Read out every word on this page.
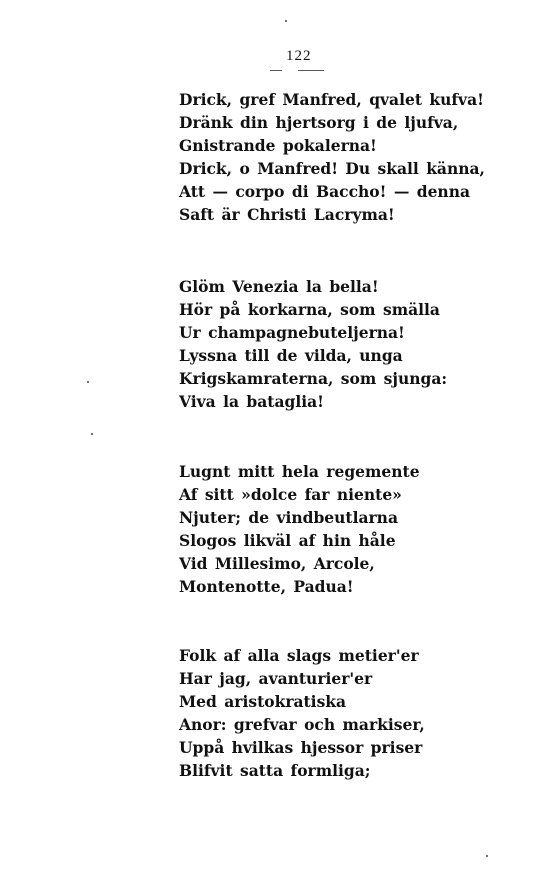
122
Drick, gref Manfred, qvalet kufva!
Dränk din hjertsorg i de ljufva,
Gnistrande pokalerna!
Drick, o Manfred! Du skall känna,
Att — corpo di Baccho! — denna
Saft är Christi Lacryma!
Glöm Venezia la bella!
Hör på korkarna, som smälla
Ur champagnebuteljerna!
Lyssna till de vilda, unga
Krigskamraterna, som sjunga:
Viva la bataglia!
Lugnt mitt hela regemente
Af sitt »dolce far niente»
Njuter; de vindbeutlarna
Slogos likväl af hin håle
Vid Millesimo, Arcole,
Montenotte, Padua!
Folk af alla slags metier'er
Har jag, avanturier'er
Med aristokratiska
Anor: grefvar och markiser,
Uppå hvilkas hjessor priser
Blifvit satta formliga;
